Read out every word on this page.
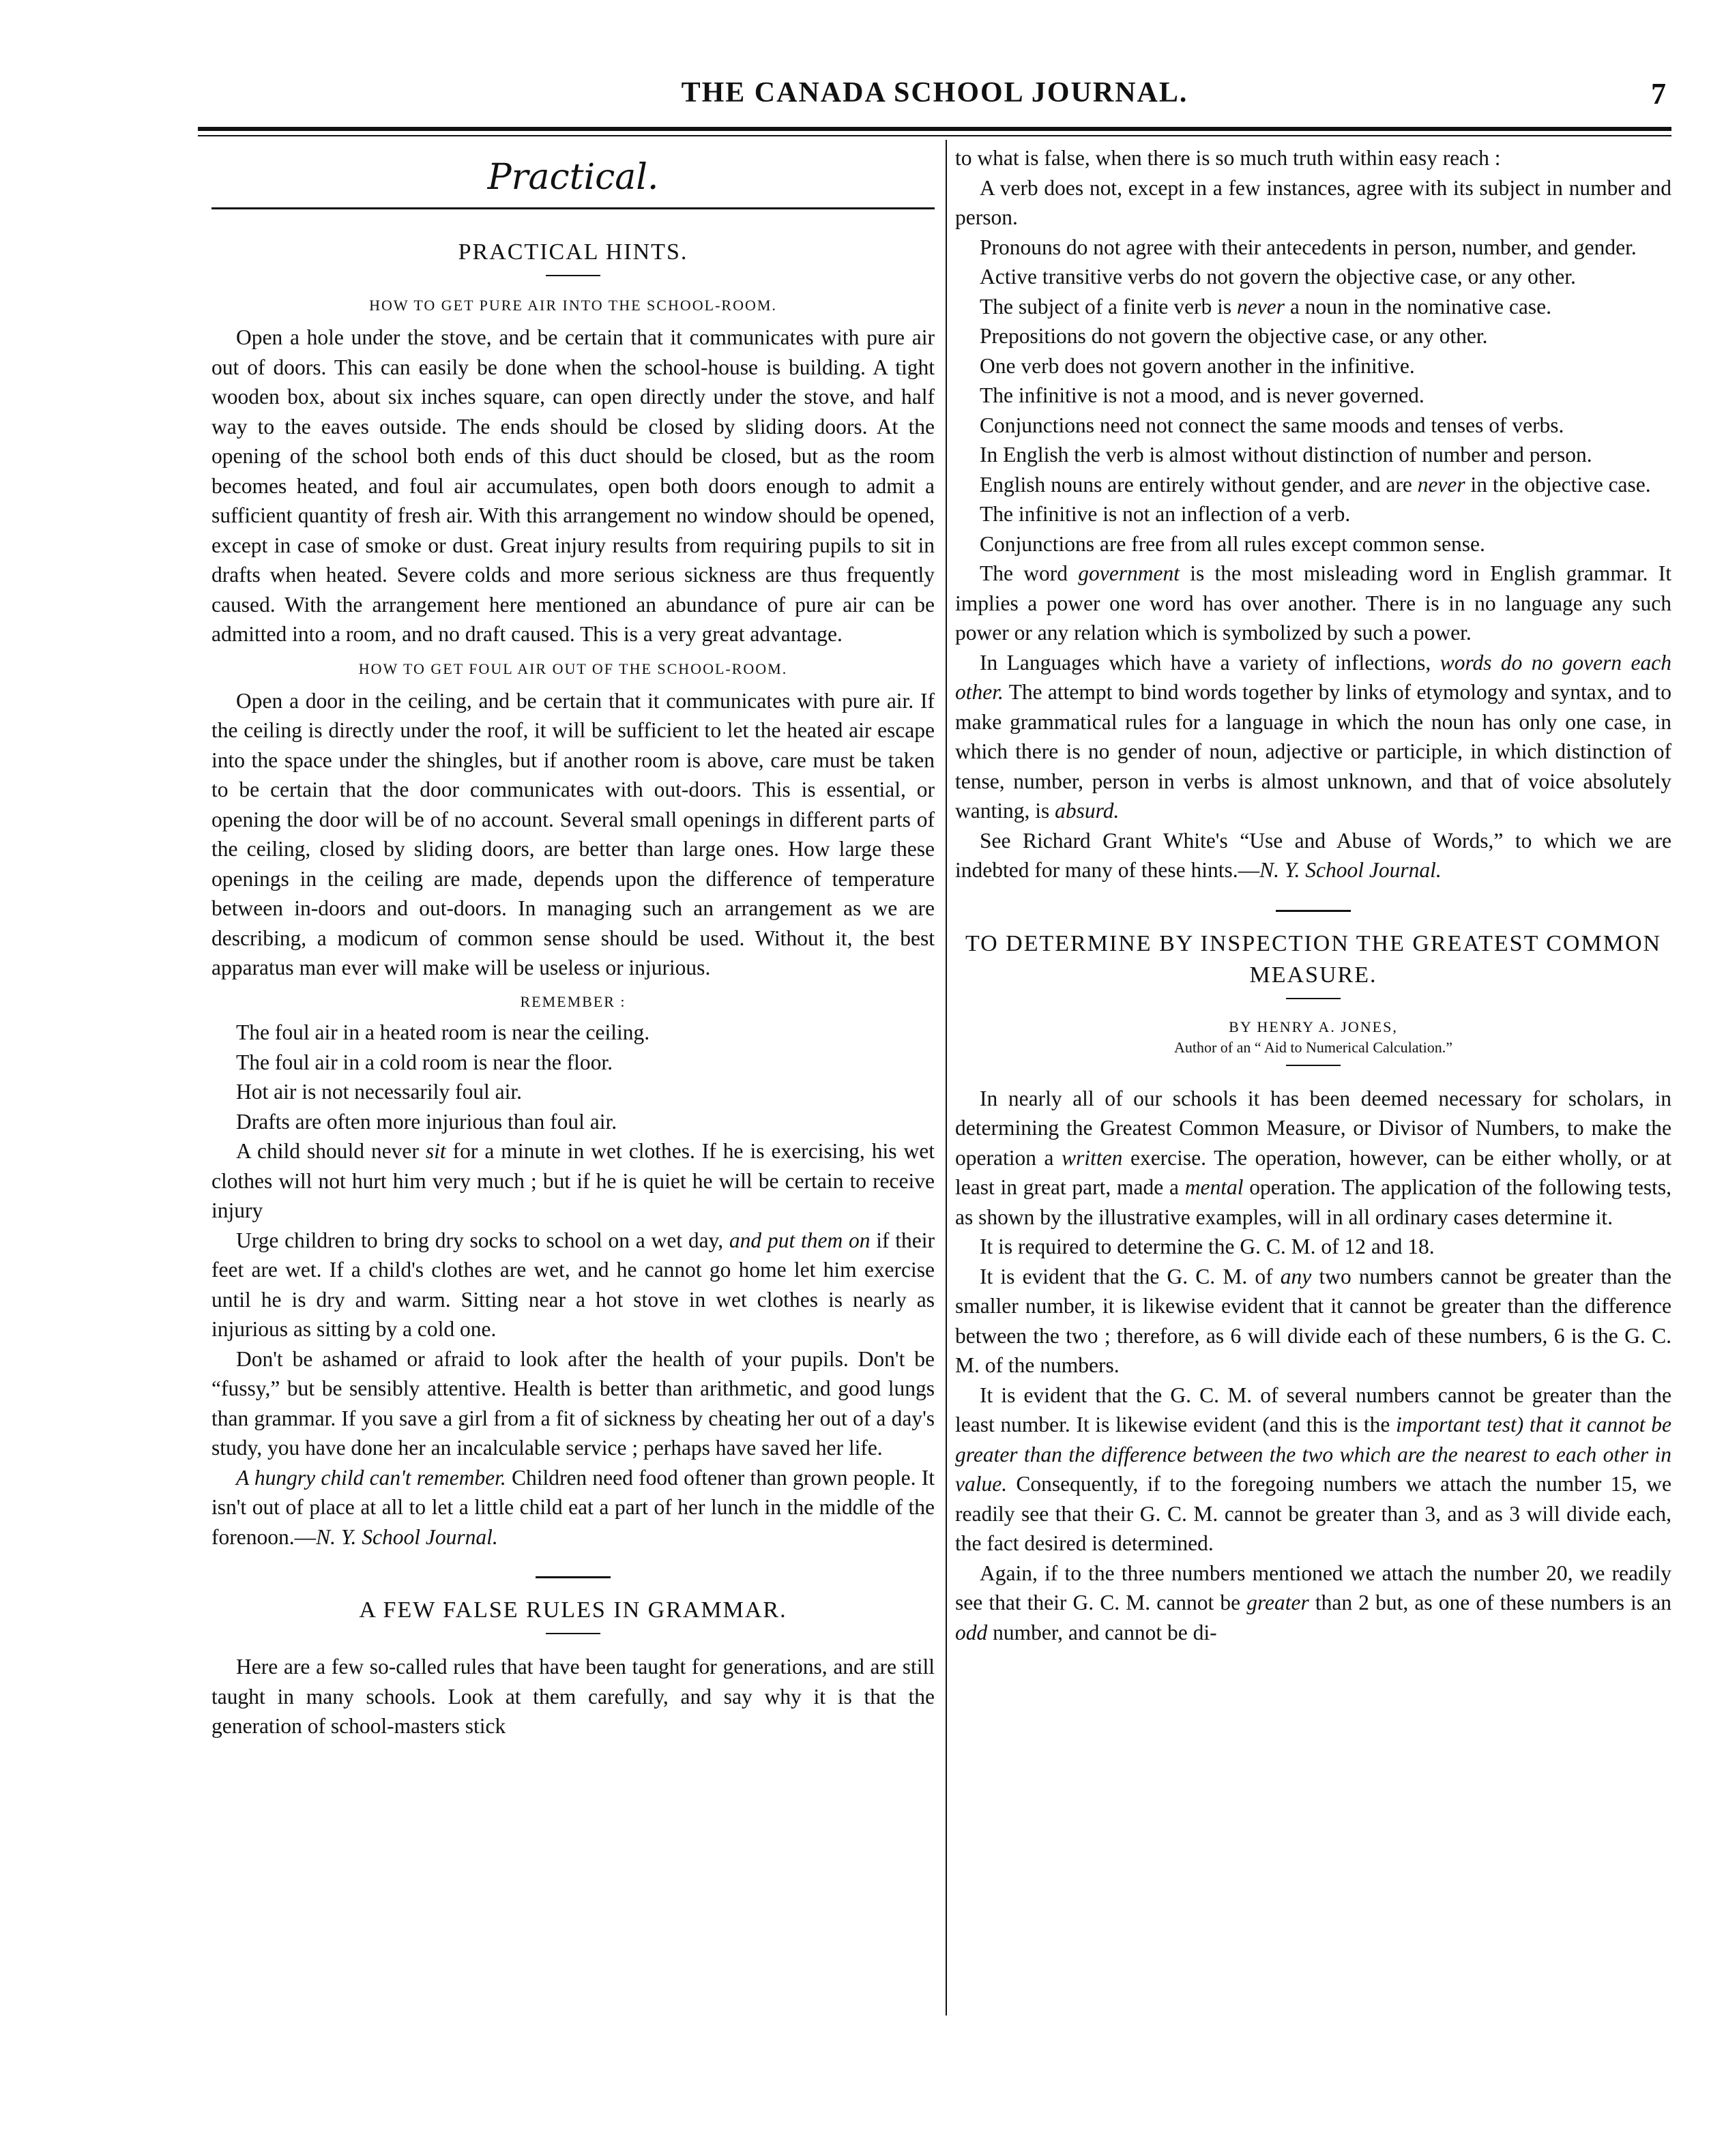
THE CANADA SCHOOL JOURNAL.	7
Practical.
PRACTICAL HINTS.
HOW TO GET PURE AIR INTO THE SCHOOL-ROOM.

Open a hole under the stove, and be certain that it communicates with pure air out of doors. This can easily be done when the school-house is building. A tight wooden box, about six inches square, can open directly under the stove, and half way to the eaves outside. The ends should be closed by sliding doors. At the opening of the school both ends of this duct should be closed, but as the room becomes heated, and foul air accumulates, open both doors enough to admit a sufficient quantity of fresh air. With this arrangement no window should be opened, except in case of smoke or dust. Great injury results from requiring pupils to sit in drafts when heated. Severe colds and more serious sickness are thus frequently caused. With the arrangement here mentioned an abundance of pure air can be admitted into a room, and no draft caused. This is a very great advantage.

HOW TO GET FOUL AIR OUT OF THE SCHOOL-ROOM.

Open a door in the ceiling, and be certain that it communicates with pure air. If the ceiling is directly under the roof, it will be sufficient to let the heated air escape into the space under the shingles, but if another room is above, care must be taken to be certain that the door communicates with out-doors. This is essential, or opening the door will be of no account. Several small openings in different parts of the ceiling, closed by sliding doors, are better than large ones. How large these openings in the ceiling are made, depends upon the difference of temperature between in-doors and out-doors. In managing such an arrangement as we are describing, a modicum of common sense should be used. Without it, the best apparatus man ever will make will be useless or injurious.

REMEMBER :

The foul air in a heated room is near the ceiling.

The foul air in a cold room is near the floor.

Hot air is not necessarily foul air.

Drafts are often more injurious than foul air.

A child should never sit for a minute in wet clothes. If he is exercising, his wet clothes will not hurt him very much ; but if he is quiet he will be certain to receive injury

Urge children to bring dry socks to school on a wet day, and put them on if their feet are wet. If a child's clothes are wet, and he cannot go home let him exercise until he is dry and warm. Sitting near a hot stove in wet clothes is nearly as injurious as sitting by a cold one.

Don't be ashamed or afraid to look after the health of your pupils. Don't be “fussy,” but be sensibly attentive. Health is better than arithmetic, and good lungs than grammar. If you save a girl from a fit of sickness by cheating her out of a day's study, you have done her an incalculable service ; perhaps have saved her life.

A hungry child can't remember. Children need food oftener than grown people. It isn't out of place at all to let a little child eat a part of her lunch in the middle of the forenoon.—N. Y. School Journal.

A FEW FALSE RULES IN GRAMMAR.

Here are a few so-called rules that have been taught for generations, and are still taught in many schools. Look at them carefully, and say why it is that the generation of school-masters stick

to what is false, when there is so much truth within easy reach :

A verb does not, except in a few instances, agree with its subject in number and person.

Pronouns do not agree with their antecedents in person, number, and gender.

Active transitive verbs do not govern the objective case, or any other.

The subject of a finite verb is never a noun in the nominative case.

Prepositions do not govern the objective case, or any other.

One verb does not govern another in the infinitive.

The infinitive is not a mood, and is never governed.

Conjunctions need not connect the same moods and tenses of verbs.

In English the verb is almost without distinction of number and person.

English nouns are entirely without gender, and are never in the objective case.

The infinitive is not an inflection of a verb.

Conjunctions are free from all rules except common sense.

The word government is the most misleading word in English grammar. It implies a power one word has over another. There is in no language any such power or any relation which is symbolized by such a power.

In Languages which have a variety of inflections, words do no govern each other. The attempt to bind words together by links of etymology and syntax, and to make grammatical rules for a language in which the noun has only one case, in which there is no gender of noun, adjective or participle, in which distinction of tense, number, person in verbs is almost unknown, and that of voice absolutely wanting, is absurd.

See Richard Grant White's “Use and Abuse of Words,” to which we are indebted for many of these hints.—N. Y. School Journal.

TO DETERMINE BY INSPECTION THE GREATEST COMMON MEASURE.
BY HENRY A. JONES,
Author of an “ Aid to Numerical Calculation.”

In nearly all of our schools it has been deemed necessary for scholars, in determining the Greatest Common Measure, or Divisor of Numbers, to make the operation a written exercise. The operation, however, can be either wholly, or at least in great part, made a mental operation. The application of the following tests, as shown by the illustrative examples, will in all ordinary cases determine it.

It is required to determine the G. C. M. of 12 and 18.

It is evident that the G. C. M. of any two numbers cannot be greater than the smaller number, it is likewise evident that it cannot be greater than the difference between the two ; therefore, as 6 will divide each of these numbers, 6 is the G. C. M. of the numbers.

It is evident that the G. C. M. of several numbers cannot be greater than the least number. It is likewise evident (and this is the important test) that it cannot be greater than the difference between the two which are the nearest to each other in value. Consequently, if to the foregoing numbers we attach the number 15, we readily see that their G. C. M. cannot be greater than 3, and as 3 will divide each, the fact desired is determined.

Again, if to the three numbers mentioned we attach the number 20, we readily see that their G. C. M. cannot be greater than 2 but, as one of these numbers is an odd number, and cannot be di-
